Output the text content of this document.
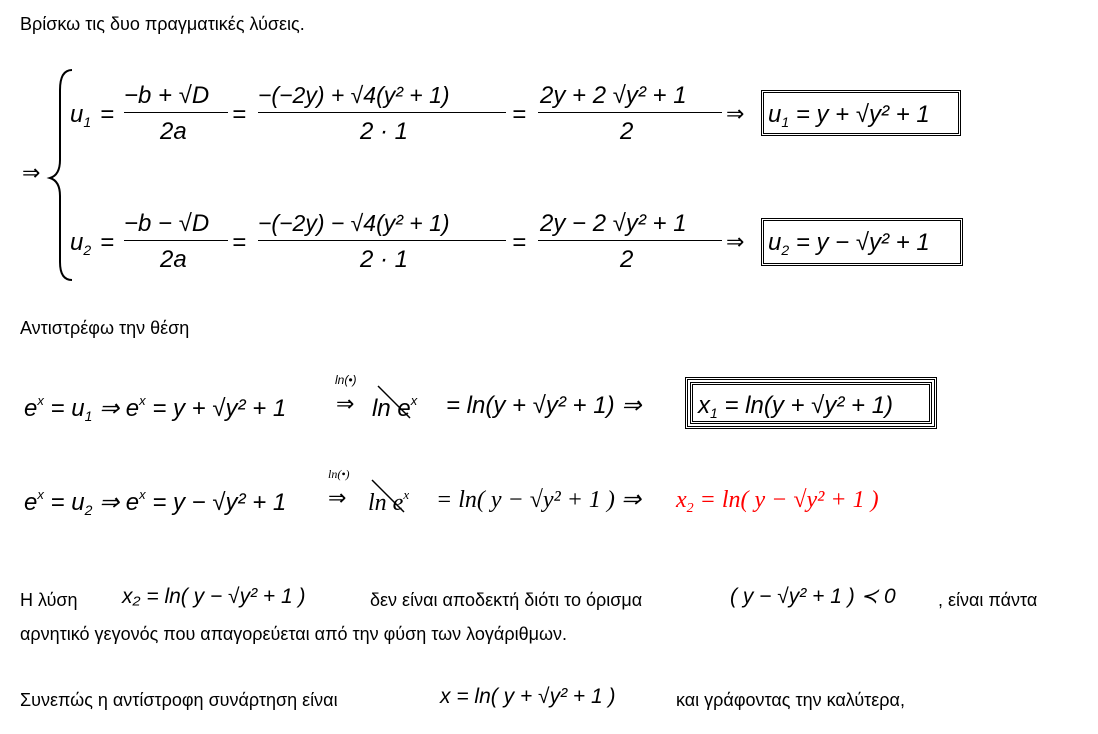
Βρίσκω τις δυο πραγματικές λύσεις.
⇒
$u_1$ =
−b + √D
2a
=
−(−2y) + √4(y² + 1)
2 · 1
=
2y + 2 √y² + 1
2
⇒ $u_1 = y + √y^2 + 1$
$u_2$ =
−b − √D
2a
=
−(−2y) − √4(y² + 1)
2 · 1
=
2y − 2 √y² + 1
2
⇒ $u_2 = y - √y^2 + 1$
Αντιστρέφω την θέση
$e^x = u_1$ ⇒ $e^x = y + √y^2 + 1$
ln(•)
⇒ $\ln e^x = \ln(y + √y^2 + 1)$ ⇒ $x_1 = \ln(y + √y^2 + 1)$
$e^x = u_2$ ⇒ $e^x = y - √y^2 + 1$
ln(•)
⇒ $\ln e^x = \ln$( y − √y² + 1 ) ⇒ $x_2 = \ln$( y − √y² + 1 )
Η λύση x₂ = ln( y − √y² + 1 )	δεν είναι αποδεκτή διότι το όρισμα	( y − √y² + 1 ) ≺ 0 , είναι πάντα
αρνητικό γεγονός που απαγορεύεται από την φύση των λογάριθμων.
Συνεπώς η αντίστροφη συνάρτηση είναι	x = ln( y + √y² + 1 )	και γράφοντας την καλύτερα,
